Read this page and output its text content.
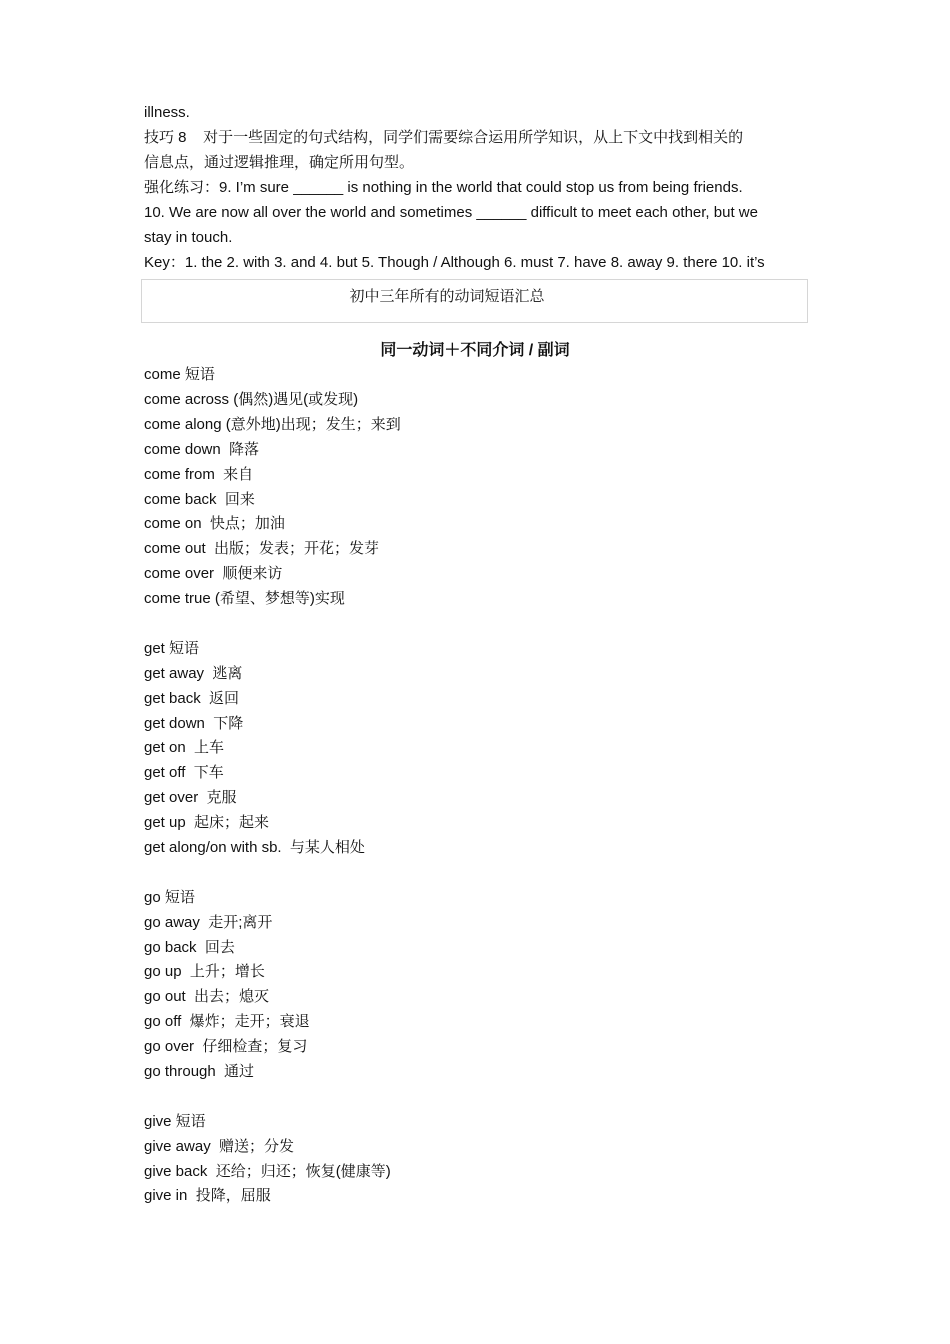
illness.
技巧 8    对于一些固定的句式结构，同学们需要综合运用所学知识，从上下文中找到相关的
信息点，通过逻辑推理，确定所用句型。
强化练习：9. I’m sure ______ is nothing in the world that could stop us from being friends.
10. We are now all over the world and sometimes ______ difficult to meet each other, but we
stay in touch.
Key：1. the 2. with 3. and 4. but 5. Though / Although 6. must 7. have 8. away 9. there 10. it’s
初中三年所有的动词短语汇总
同一动词＋不同介词 / 副词
come 短语
come across (偶然)遇见(或发现)
come along (意外地)出现；发生；来到
come down  降落
come from  来自
come back  回来
come on  快点；加油
come out  出版；发表；开花；发芽
come over  顺便来访
come true (希望、梦想等)实现
get 短语
get away  逃离
get back  返回
get down  下降
get on  上车
get off  下车
get over  克服
get up  起床；起来
get along/on with sb.  与某人相处
go 短语
go away  走开;离开
go back  回去
go up  上升；增长
go out  出去；熄灭
go off  爆炸；走开；衰退
go over  仔细检查；复习
go through  通过
give 短语
give away  赠送；分发
give back  还给；归还；恢复(健康等)
give in  投降，屈服
